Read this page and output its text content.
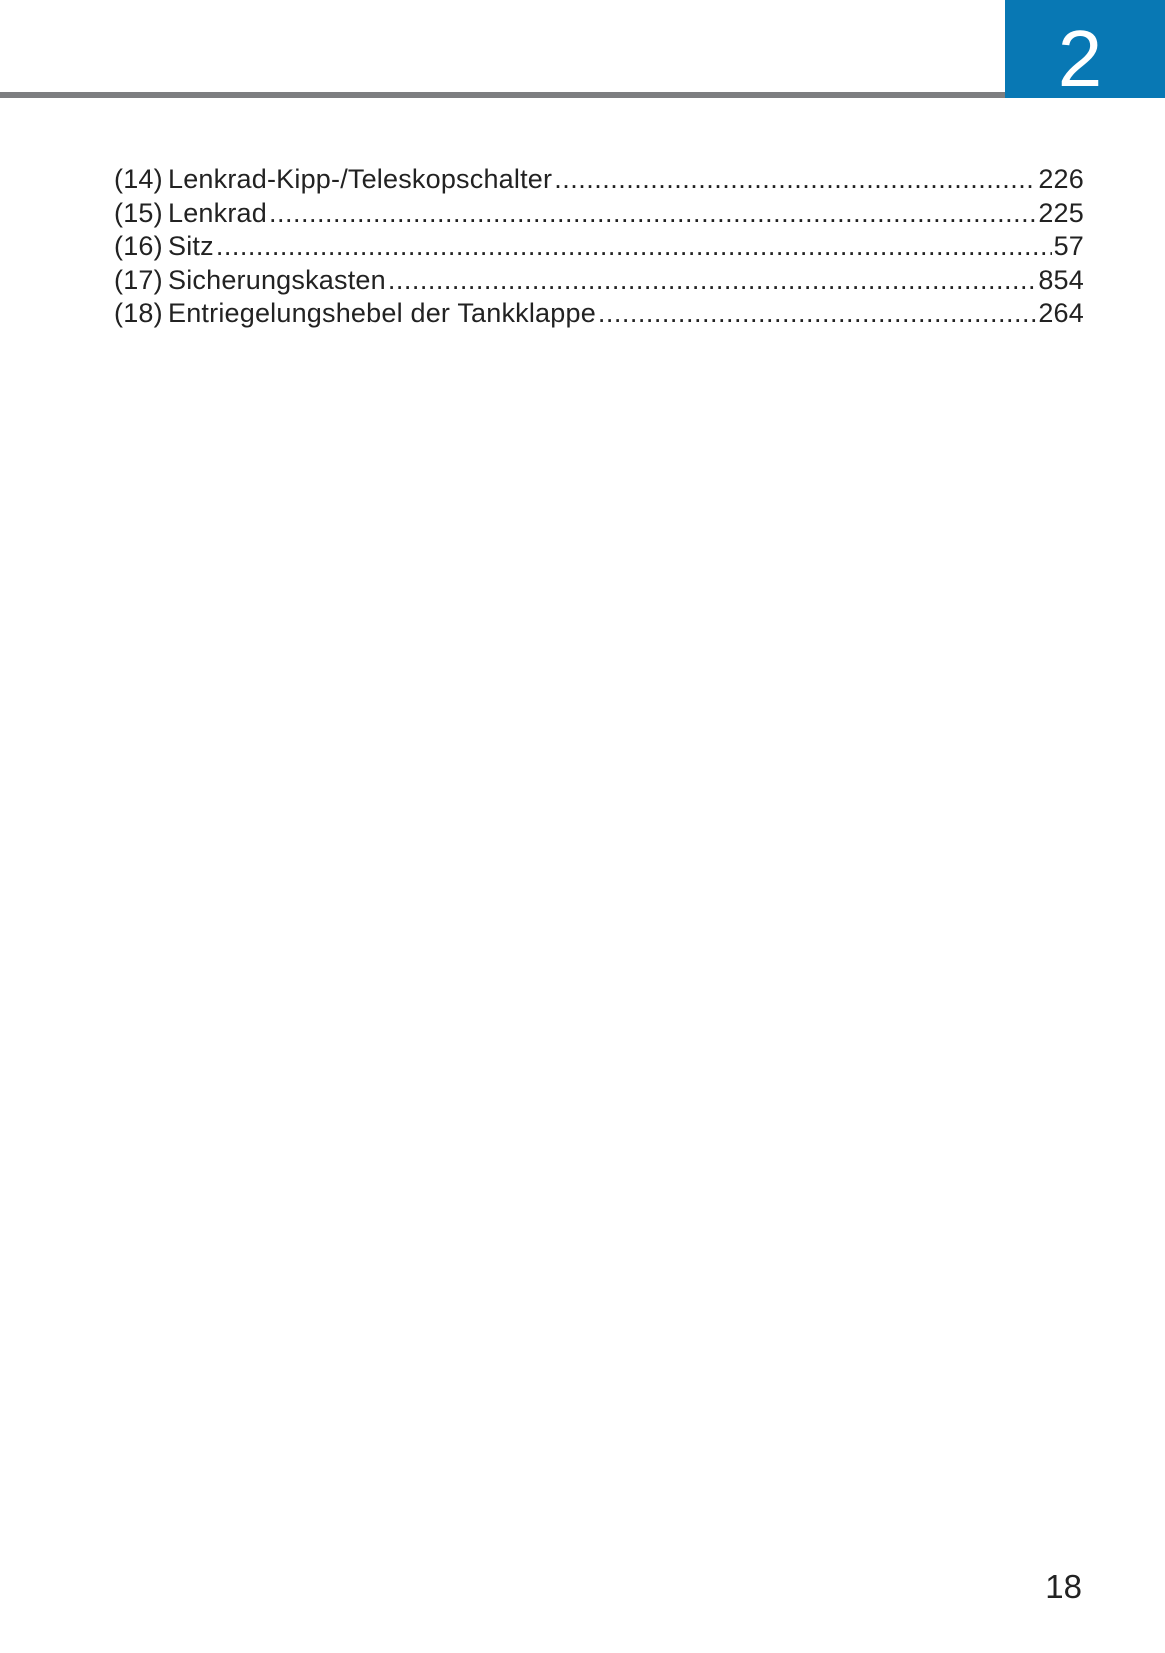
2
(14) Lenkrad-Kipp-/Teleskopschalter .....	226
(15) Lenkrad .....	225
(16) Sitz .....	57
(17) Sicherungskasten .....	854
(18) Entriegelungshebel der Tankklappe .....	264
18
